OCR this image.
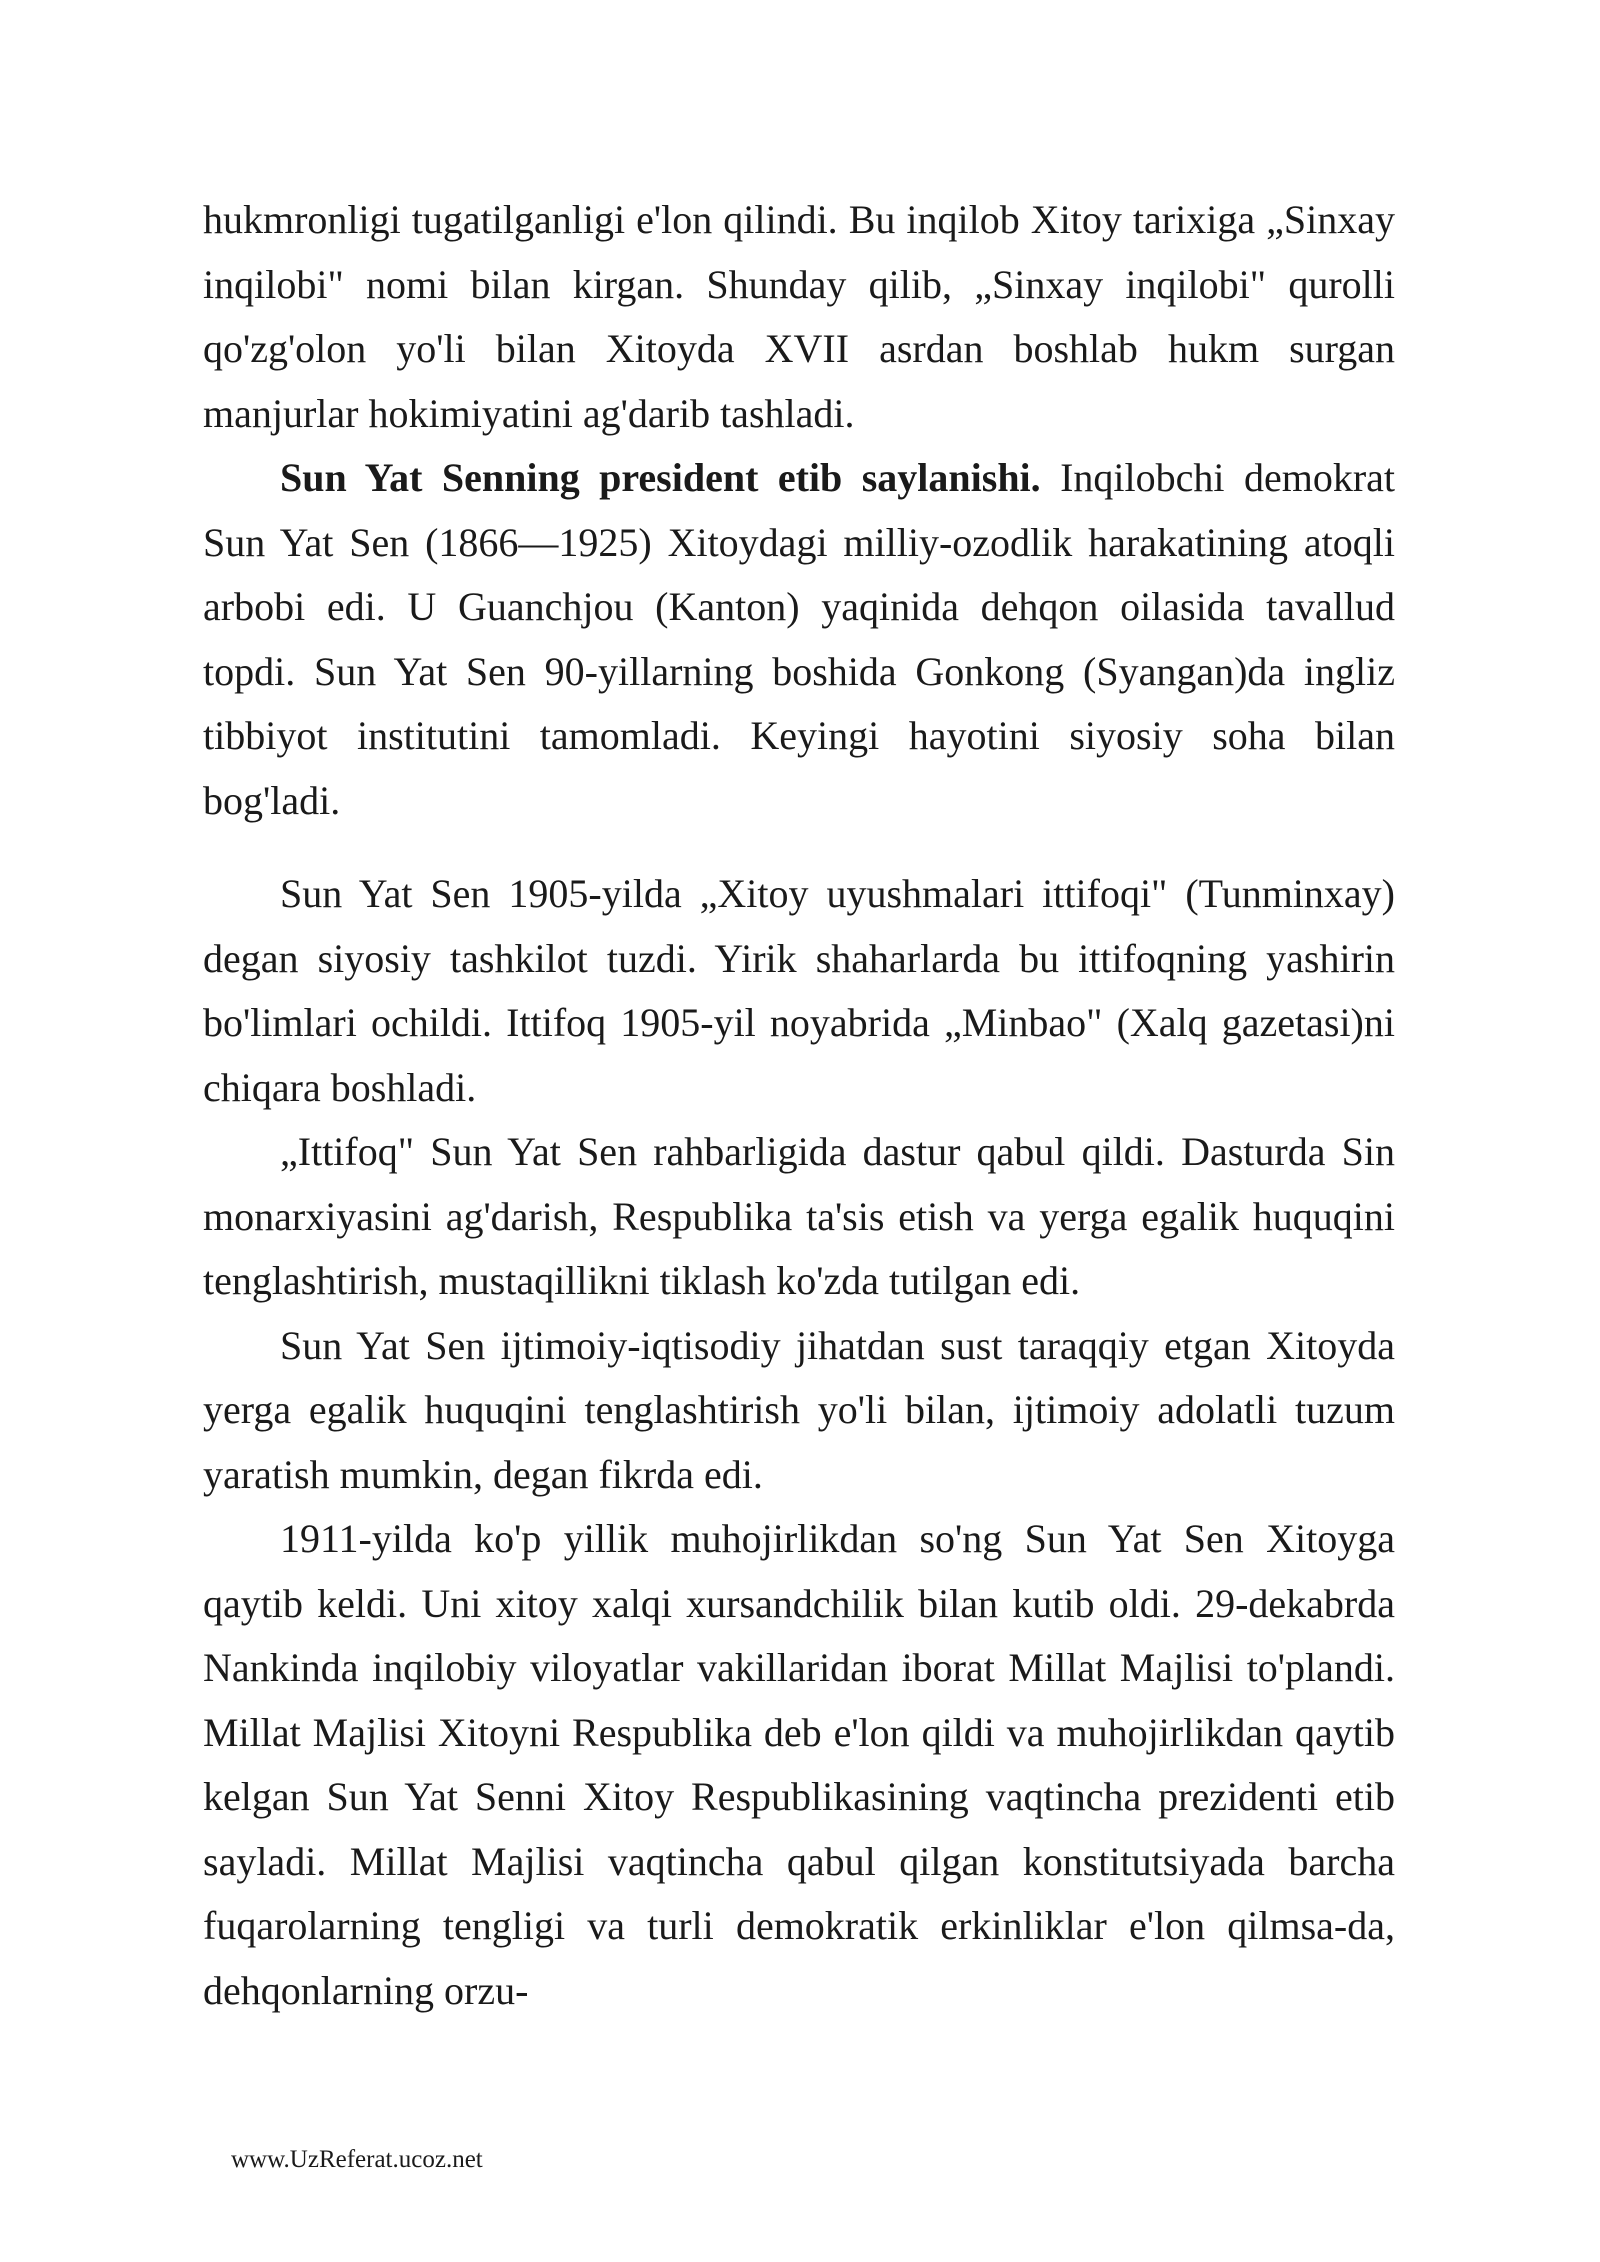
hukmronligi tugatilganligi e'lon qilindi. Bu inqilob Xitoy tarixiga „Sinxay inqilobi" nomi bilan kirgan. Shunday qilib, „Sinxay inqilobi" qurolli qo'zg'olon yo'li bilan Xitoyda XVII asrdan boshlab hukm surgan manjurlar hokimiyatini ag'darib tashladi.

Sun Yat Senning president etib saylanishi. Inqilobchi demokrat Sun Yat Sen (1866—1925) Xitoydagi milliy-ozodlik harakatining atoqli arbobi edi. U Guanchjou (Kanton) yaqinida dehqon oilasida tavallud topdi. Sun Yat Sen 90-yillarning boshida Gonkong (Syangan)da ingliz tibbiyot institutini tamomladi. Keyingi hayotini siyosiy soha bilan bog'ladi.

Sun Yat Sen 1905-yilda „Xitoy uyushmalari ittifoqi" (Tunminxay) degan siyosiy tashkilot tuzdi. Yirik shaharlarda bu ittifoqning yashirin bo'limlari ochildi. Ittifoq 1905-yil noyabrida „Minbao" (Xalq gazetasi)ni chiqara boshladi.

„Ittifoq" Sun Yat Sen rahbarligida dastur qabul qildi. Dasturda Sin monarxiyasini ag'darish, Respublika ta'sis etish va yerga egalik huquqini tenglashtirish, mustaqillikni tiklash ko'zda tutilgan edi.

Sun Yat Sen ijtimoiy-iqtisodiy jihatdan sust taraqqiy etgan Xitoyda yerga egalik huquqini tenglashtirish yo'li bilan, ijtimoiy adolatli tuzum yaratish mumkin, degan fikrda edi.

1911-yilda ko'p yillik muhojirlikdan so'ng Sun Yat Sen Xitoyga qaytib keldi. Uni xitoy xalqi xursandchilik bilan kutib oldi. 29-dekabrda Nankinda inqilobiy viloyatlar vakillaridan iborat Millat Majlisi to'plandi. Millat Majlisi Xitoyni Respublika deb e'lon qildi va muhojirlikdan qaytib kelgan Sun Yat Senni Xitoy Respublikasining vaqtincha prezidenti etib sayladi. Millat Majlisi vaqtincha qabul qilgan konstitutsiyada barcha fuqarolarning tengligi va turli demokratik erkinliklar e'lon qilmsa-da, dehqonlarning orzu-

www.UzReferat.ucoz.net
